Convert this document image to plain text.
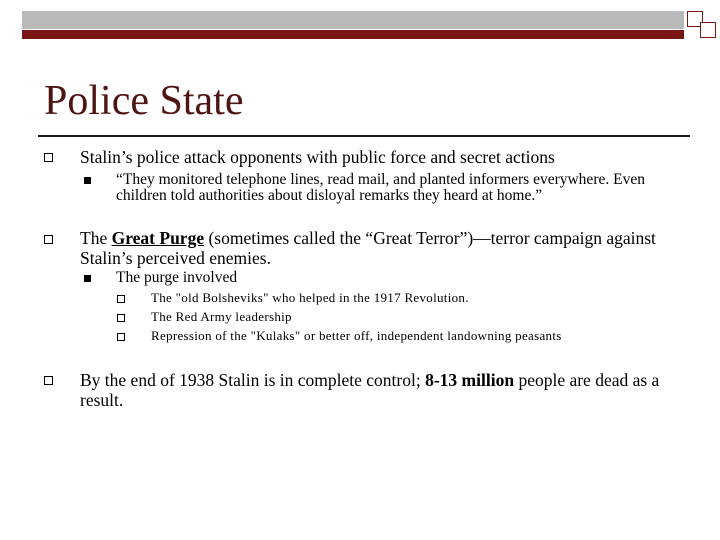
Police State
Stalin’s police attack opponents with public force and secret actions
“They monitored telephone lines, read mail, and planted informers everywhere. Even children told authorities about disloyal remarks they heard at home.”
The Great Purge (sometimes called the “Great Terror”)—terror campaign against Stalin’s perceived enemies.
The purge involved
The "old Bolsheviks" who helped in the 1917 Revolution.
The Red Army leadership
Repression of the "Kulaks" or better off, independent landowning peasants
By the end of 1938 Stalin is in complete control; 8-13 million people are dead as a result.
